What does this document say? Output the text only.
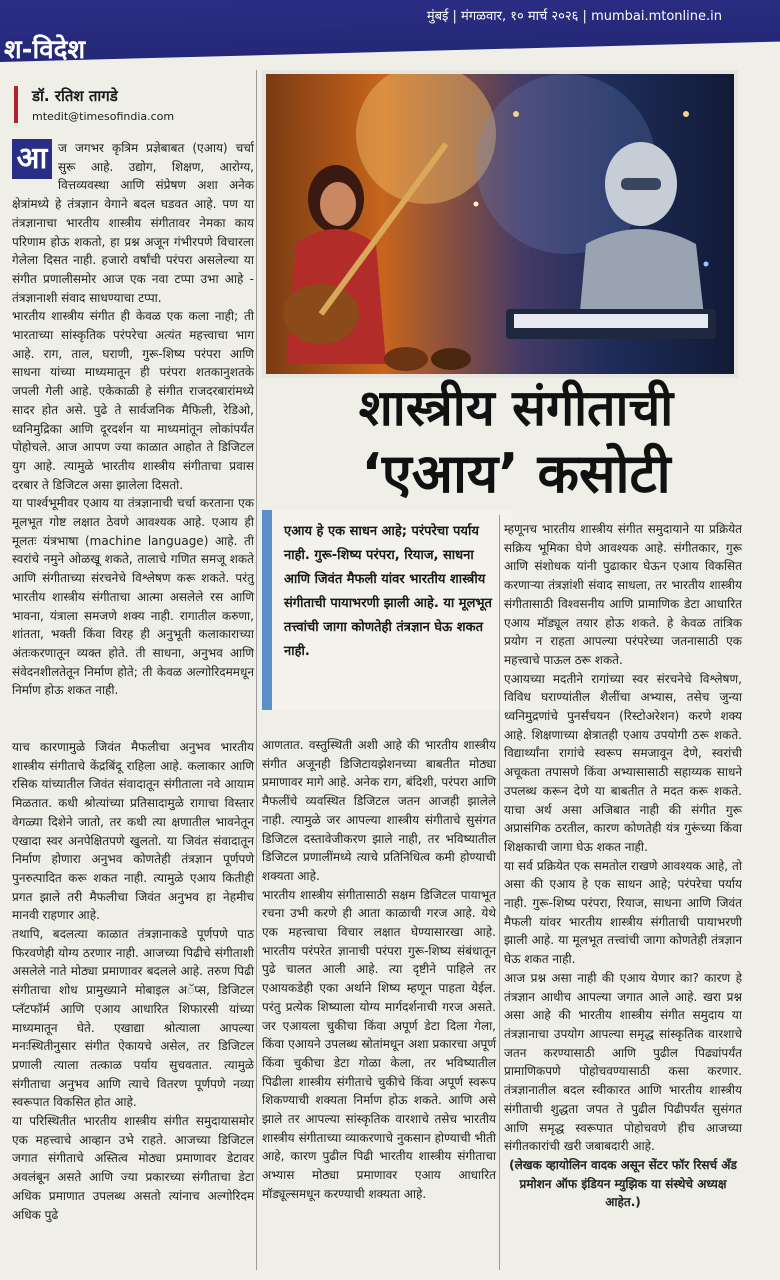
श-विदेश
मुंबई | मंगळवार, १० मार्च २०२६ | mumbai.mtonline.in
डॉ. रतिश तागडे
mtedit@timesofindia.com
शास्त्रीय संगीताची
‘एआय’ कसोटी
एआय हे एक साधन आहे; परंपरेचा पर्याय नाही. गुरू-शिष्य परंपरा, रियाज, साधना आणि जिवंत मैफली यांवर भारतीय शास्त्रीय संगीताची पायाभरणी झाली आहे. या मूलभूत तत्त्वांची जागा कोणतेही तंत्रज्ञान घेऊ शकत नाही.

आ ज जगभर कृत्रिम प्रज्ञेबाबत (एआय) चर्चा सुरू आहे. उद्योग, शिक्षण, आरोग्य, वित्तव्यवस्था आणि संप्रेषण अशा अनेक क्षेत्रांमध्ये हे तंत्रज्ञान वेगाने बदल घडवत आहे. पण या तंत्रज्ञानाचा भारतीय शास्त्रीय संगीतावर नेमका काय परिणाम होऊ शकतो, हा प्रश्न अजून गंभीरपणे विचारला गेलेला दिसत नाही. हजारो वर्षांची परंपरा असलेल्या या संगीत प्रणालीसमोर आज एक नवा टप्पा उभा आहे - तंत्रज्ञानाशी संवाद साधण्याचा टप्पा.

भारतीय शास्त्रीय संगीत ही केवळ एक कला नाही; ती भारताच्या सांस्कृतिक परंपरेचा अत्यंत महत्त्वाचा भाग आहे. राग, ताल, घराणी, गुरू-शिष्य परंपरा आणि साधना यांच्या माध्यमातून ही परंपरा शतकानुशतके जपली गेली आहे. एकेकाळी हे संगीत राजदरबारांमध्ये सादर होत असे. पुढे ते सार्वजनिक मैफिली, रेडिओ, ध्वनिमुद्रिका आणि दूरदर्शन या माध्यमांतून लोकांपर्यंत पोहोचले. आज आपण ज्या काळात आहोत ते डिजिटल युग आहे. त्यामुळे भारतीय शास्त्रीय संगीताचा प्रवास दरबार ते डिजिटल असा झालेला दिसतो.

या पार्श्वभूमीवर एआय या तंत्रज्ञानाची चर्चा करताना एक मूलभूत गोष्ट लक्षात ठेवणे आवश्यक आहे. एआय ही मूलतः यंत्रभाषा (machine language) आहे. ती स्वरांचे नमुने ओळखू शकते, तालाचे गणित समजू शकते आणि संगीताच्या संरचनेचे विश्लेषण करू शकते. परंतु भारतीय शास्त्रीय संगीताचा आत्मा असलेले रस आणि भावना, यंत्राला समजणे शक्य नाही. रागातील करुणा, शांतता, भक्ती किंवा विरह ही अनुभूती कलाकाराच्या अंतःकरणातून व्यक्त होते. ती साधना, अनुभव आणि संवेदनशीलतेतून निर्माण होते; ती केवळ अल्गोरिदममधून निर्माण होऊ शकत नाही.

याच कारणामुळे जिवंत मैफलीचा अनुभव भारतीय शास्त्रीय संगीताचे केंद्रबिंदू राहिला आहे. कलाकार आणि रसिक यांच्यातील जिवंत संवादातून संगीताला नवे आयाम मिळतात. कधी श्रोत्यांच्या प्रतिसादामुळे रागाचा विस्तार वेगळ्या दिशेने जातो, तर कधी त्या क्षणातील भावनेतून एखादा स्वर अनपेक्षितपणे खुलतो. या जिवंत संवादातून निर्माण होणारा अनुभव कोणतेही तंत्रज्ञान पूर्णपणे पुनरुत्पादित करू शकत नाही. त्यामुळे एआय कितीही प्रगत झाले तरी मैफलीचा जिवंत अनुभव हा नेहमीच मानवी राहणार आहे.

तथापि, बदलत्या काळात तंत्रज्ञानाकडे पूर्णपणे पाठ फिरवणेही योग्य ठरणार नाही. आजच्या पिढीचे संगीताशी असलेले नाते मोठ्या प्रमाणावर बदलले आहे. तरुण पिढी संगीताचा शोध प्रामुख्याने मोबाइल अॅप्स, डिजिटल प्लॅटफॉर्म आणि एआय आधारित शिफारसी यांच्या माध्यमातून घेते. एखाद्या श्रोत्याला आपल्या मनःस्थितीनुसार संगीत ऐकायचे असेल, तर डिजिटल प्रणाली त्याला तत्काळ पर्याय सुचवतात. त्यामुळे संगीताचा अनुभव आणि त्याचे वितरण पूर्णपणे नव्या स्वरूपात विकसित होत आहे.

या परिस्थितीत भारतीय शास्त्रीय संगीत समुदायासमोर एक महत्त्वाचे आव्हान उभे राहते. आजच्या डिजिटल जगात संगीताचे अस्तित्व मोठ्या प्रमाणावर डेटावर अवलंबून असते आणि ज्या प्रकारच्या संगीताचा डेटा अधिक प्रमाणात उपलब्ध असतो त्यांनाच अल्गोरिदम अधिक पुढे

आणतात. वस्तुस्थिती अशी आहे की भारतीय शास्त्रीय संगीत अजूनही डिजिटायझेशनच्या बाबतीत मोठ्या प्रमाणावर मागे आहे. अनेक राग, बंदिशी, परंपरा आणि मैफलींचे व्यवस्थित डिजिटल जतन आजही झालेले नाही. त्यामुळे जर आपल्या शास्त्रीय संगीताचे सुसंगत डिजिटल दस्तावेजीकरण झाले नाही, तर भविष्यातील डिजिटल प्रणालींमध्ये त्याचे प्रतिनिधित्व कमी होण्याची शक्यता आहे.

भारतीय शास्त्रीय संगीतासाठी सक्षम डिजिटल पायाभूत रचना उभी करणे ही आता काळाची गरज आहे. येथे एक महत्त्वाचा विचार लक्षात घेण्यासारखा आहे. भारतीय परंपरेत ज्ञानाची परंपरा गुरू-शिष्य संबंधातून पुढे चालत आली आहे. त्या दृष्टीने पाहिले तर एआयकडेही एका अर्थाने शिष्य म्हणून पाहता येईल. परंतु प्रत्येक शिष्याला योग्य मार्गदर्शनाची गरज असते. जर एआयला चुकीचा किंवा अपूर्ण डेटा दिला गेला, किंवा एआयने उपलब्ध स्रोतांमधून अशा प्रकारचा अपूर्ण किंवा चुकीचा डेटा गोळा केला, तर भविष्यातील पिढीला शास्त्रीय संगीताचे चुकीचे किंवा अपूर्ण स्वरूप शिकण्याची शक्यता निर्माण होऊ शकते. आणि असे झाले तर आपल्या सांस्कृतिक वारशाचे तसेच भारतीय शास्त्रीय संगीताच्या व्याकरणाचे नुकसान होण्याची भीती आहे, कारण पुढील पिढी भारतीय शास्त्रीय संगीताचा अभ्यास मोठ्या प्रमाणावर एआय आधारित मॉड्यूल्समधून करण्याची शक्यता आहे.

म्हणूनच भारतीय शास्त्रीय संगीत समुदायाने या प्रक्रियेत सक्रिय भूमिका घेणे आवश्यक आहे. संगीतकार, गुरू आणि संशोधक यांनी पुढाकार घेऊन एआय विकसित करणाऱ्या तंत्रज्ञांशी संवाद साधला, तर भारतीय शास्त्रीय संगीतासाठी विश्वसनीय आणि प्रामाणिक डेटा आधारित एआय मॉड्यूल तयार होऊ शकते. हे केवळ तांत्रिक प्रयोग न राहता आपल्या परंपरेच्या जतनासाठी एक महत्त्वाचे पाऊल ठरू शकते.

एआयच्या मदतीने रागांच्या स्वर संरचनेचे विश्लेषण, विविध घराण्यांतील शैलींचा अभ्यास, तसेच जुन्या ध्वनिमुद्रणांचे पुनर्संचयन (रिस्टोअरेशन) करणे शक्य आहे. शिक्षणाच्या क्षेत्रातही एआय उपयोगी ठरू शकते. विद्यार्थ्यांना रागांचे स्वरूप समजावून देणे, स्वरांची अचूकता तपासणे किंवा अभ्यासासाठी सहाय्यक साधने उपलब्ध करून देणे या बाबतीत ते मदत करू शकते. याचा अर्थ असा अजिबात नाही की संगीत गुरू अप्रासंगिक ठरतील, कारण कोणतेही यंत्र गुरूंच्या किंवा शिक्षकाची जागा घेऊ शकत नाही.

या सर्व प्रक्रियेत एक समतोल राखणे आवश्यक आहे, तो असा की एआय हे एक साधन आहे; परंपरेचा पर्याय नाही. गुरू-शिष्य परंपरा, रियाज, साधना आणि जिवंत मैफली यांवर भारतीय शास्त्रीय संगीताची पायाभरणी झाली आहे. या मूलभूत तत्त्वांची जागा कोणतेही तंत्रज्ञान घेऊ शकत नाही.

आज प्रश्न असा नाही की एआय येणार का? कारण हे तंत्रज्ञान आधीच आपल्या जगात आले आहे. खरा प्रश्न असा आहे की भारतीय शास्त्रीय संगीत समुदाय या तंत्रज्ञानाचा उपयोग आपल्या समृद्ध सांस्कृतिक वारशाचे जतन करण्यासाठी आणि पुढील पिढ्यांपर्यंत प्रामाणिकपणे पोहोचवण्यासाठी कसा करणार. तंत्रज्ञानातील बदल स्वीकारत आणि भारतीय शास्त्रीय संगीताची शुद्धता जपत ते पुढील पिढीपर्यंत सुसंगत आणि समृद्ध स्वरूपात पोहोचवणे हीच आजच्या संगीतकारांची खरी जबाबदारी आहे.

(लेखक व्हायोलिन वादक असून सेंटर फॉर रिसर्च अँड प्रमोशन ऑफ इंडियन म्युझिक या संस्थेचे अध्यक्ष आहेत.)
